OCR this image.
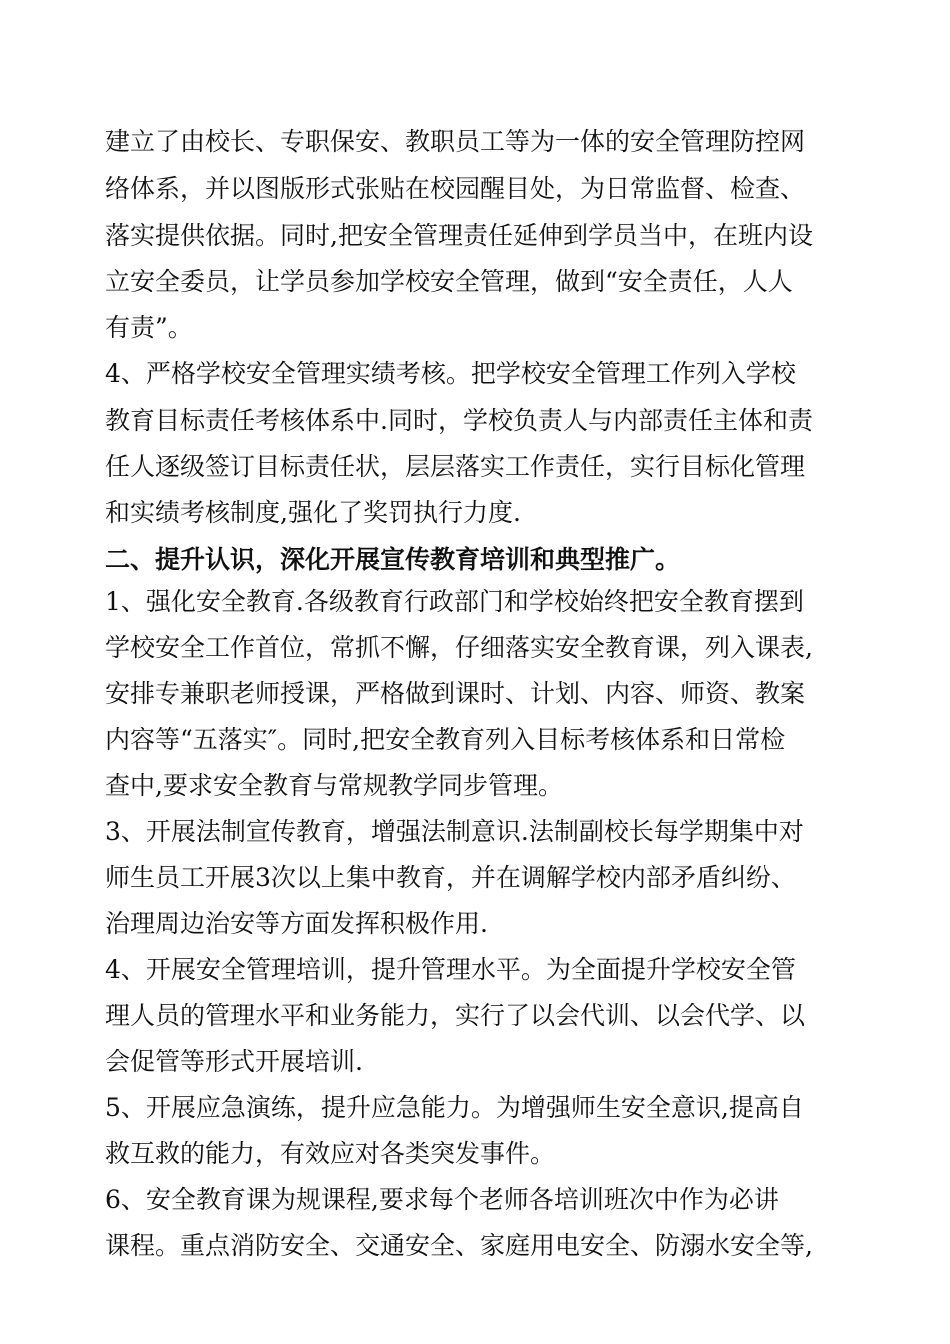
建立了由校长、专职保安、教职员工等为一体的安全管理防控网
络体系，并以图版形式张贴在校园醒目处，为日常监督、检查、
落实提供依据。同时,把安全管理责任延伸到学员当中，在班内设
立安全委员，让学员参加学校安全管理，做到“安全责任，人人
有责”。
4、严格学校安全管理实绩考核。把学校安全管理工作列入学校
教育目标责任考核体系中.同时，学校负责人与内部责任主体和责
任人逐级签订目标责任状，层层落实工作责任，实行目标化管理
和实绩考核制度,强化了奖罚执行力度.
二、提升认识，深化开展宣传教育培训和典型推广。
1、强化安全教育.各级教育行政部门和学校始终把安全教育摆到
学校安全工作首位，常抓不懈，仔细落实安全教育课，列入课表,
安排专兼职老师授课，严格做到课时、计划、内容、师资、教案
内容等“五落实″。同时,把安全教育列入目标考核体系和日常检
查中,要求安全教育与常规教学同步管理。
3、开展法制宣传教育，增强法制意识.法制副校长每学期集中对
师生员工开展3次以上集中教育，并在调解学校内部矛盾纠纷、
治理周边治安等方面发挥积极作用.
4、开展安全管理培训，提升管理水平。为全面提升学校安全管
理人员的管理水平和业务能力，实行了以会代训、以会代学、以
会促管等形式开展培训.
5、开展应急演练，提升应急能力。为增强师生安全意识,提高自
救互救的能力，有效应对各类突发事件。
6、安全教育课为规课程,要求每个老师各培训班次中作为必讲
课程。重点消防安全、交通安全、家庭用电安全、防溺水安全等,
